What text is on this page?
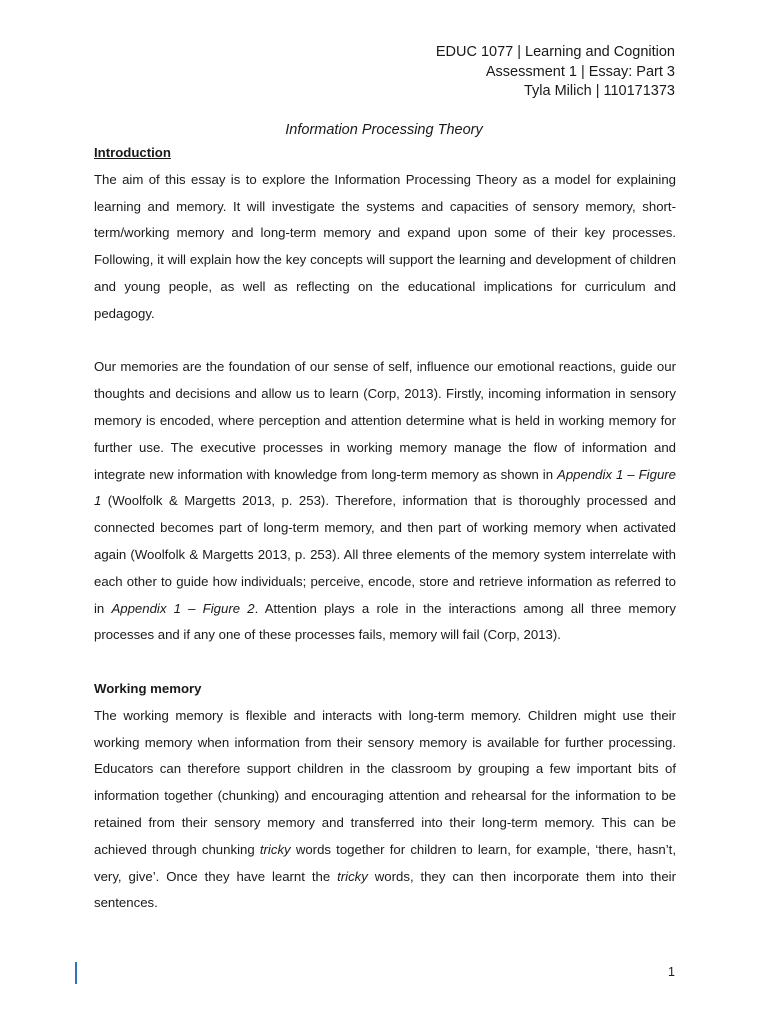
EDUC 1077 | Learning and Cognition
Assessment 1 | Essay: Part 3
Tyla Milich | 110171373
Information Processing Theory

Introduction

The aim of this essay is to explore the Information Processing Theory as a model for explaining learning and memory. It will investigate the systems and capacities of sensory memory, short-term/working memory and long-term memory and expand upon some of their key processes. Following, it will explain how the key concepts will support the learning and development of children and young people, as well as reflecting on the educational implications for curriculum and pedagogy.

Our memories are the foundation of our sense of self, influence our emotional reactions, guide our thoughts and decisions and allow us to learn (Corp, 2013). Firstly, incoming information in sensory memory is encoded, where perception and attention determine what is held in working memory for further use. The executive processes in working memory manage the flow of information and integrate new information with knowledge from long-term memory as shown in Appendix 1 – Figure 1 (Woolfolk & Margetts 2013, p. 253). Therefore, information that is thoroughly processed and connected becomes part of long-term memory, and then part of working memory when activated again (Woolfolk & Margetts 2013, p. 253). All three elements of the memory system interrelate with each other to guide how individuals; perceive, encode, store and retrieve information as referred to in Appendix 1 – Figure 2. Attention plays a role in the interactions among all three memory processes and if any one of these processes fails, memory will fail (Corp, 2013).

Working memory

The working memory is flexible and interacts with long-term memory. Children might use their working memory when information from their sensory memory is available for further processing. Educators can therefore support children in the classroom by grouping a few important bits of information together (chunking) and encouraging attention and rehearsal for the information to be retained from their sensory memory and transferred into their long-term memory. This can be achieved through chunking tricky words together for children to learn, for example, ‘there, hasn’t, very, give’. Once they have learnt the tricky words, they can then incorporate them into their sentences.

1
